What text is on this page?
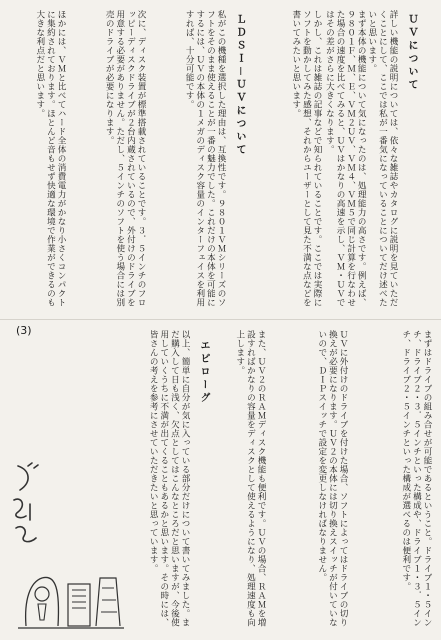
ＵＶについて

詳しい機能の説明については、依々な雑誌やカタログに説明を見ていただくことにして、ここでは私が一番気になっていることについてだけ述べたいと思います。

まず本体の機能について気になったのは、処理能力の高さです。例えば、９８０１Ｆ、Ｍ、Ｅ、ＶＭ２ＵＶ、ＶＭ４、ＶＭ５で同じ計算を行なわせた場合の速度を比べてみると、ＵＶはかなりの高速を示し、ＶＭ・ＵＶではその差がさらに大きくなります。

しかし、これは雑誌の記事などで知られていることです。ここでは実際にソフトを動かしてみた感想、それからユーザーとして見た不満な点などを書いてみたいと思います。

ＬＤＳＩ－ＵＶについて

私がこの機種を選択した理由は、互換性です。９８０１ＶＭシリーズのソフトをそのまま使えることが一番の魅力でした。これだけの本体を可能にするには、ＵＶの本体の１メガのディスク容量のインターフェイスを利用すれば、十分可能です。

次に、ディスク装置が標準搭載されていることです。３．５インチのフロッピーディスクドライブが２台内蔵されているので、外付けのドライブを用意する必要がありません。ただし、５インチのソフトを使う場合には別売のドライブが必要になります。

ほかには、ＶＭと比べてハード全体の消費電力がかなり小さくコンパクトに集約されております。ほとんど音もせず快適な環境で作業ができるのも大きな利点だと思います。

まずはドライブの組み合せが可能であるということ。ドライブ１・５インチ、ドライブ２・３．５インチといった構成や、ドライブ１・３．５インチ、ドライブ２・５インチといった構成が選べるのは便利です。

ＵＶに外付けのドライブを付けた場合、ソフトによってはドライブの切り換えが必要になります。ＵＶ２の本体には切り換えスイッチが付いていないので、ＤＩＰスイッチで設定を変更しなければなりません。

また、ＵＶ２のＲＡＭディスク機能も便利です。ＵＶの場合、ＲＡＭを増設すればかなりの容量をディスクとして使えるようになり、処理速度も向上します。

エピローグ

以上、簡単に自分が気に入っている部分だけについて書いてみました。まだ購入して日も浅く、欠点としてはこんなところだと思いますが、今後使用していくうちに不満が出てくることもあるかと思います。その時には、皆さんの考えを参考にさせていただきたいと思っています。

(3)
